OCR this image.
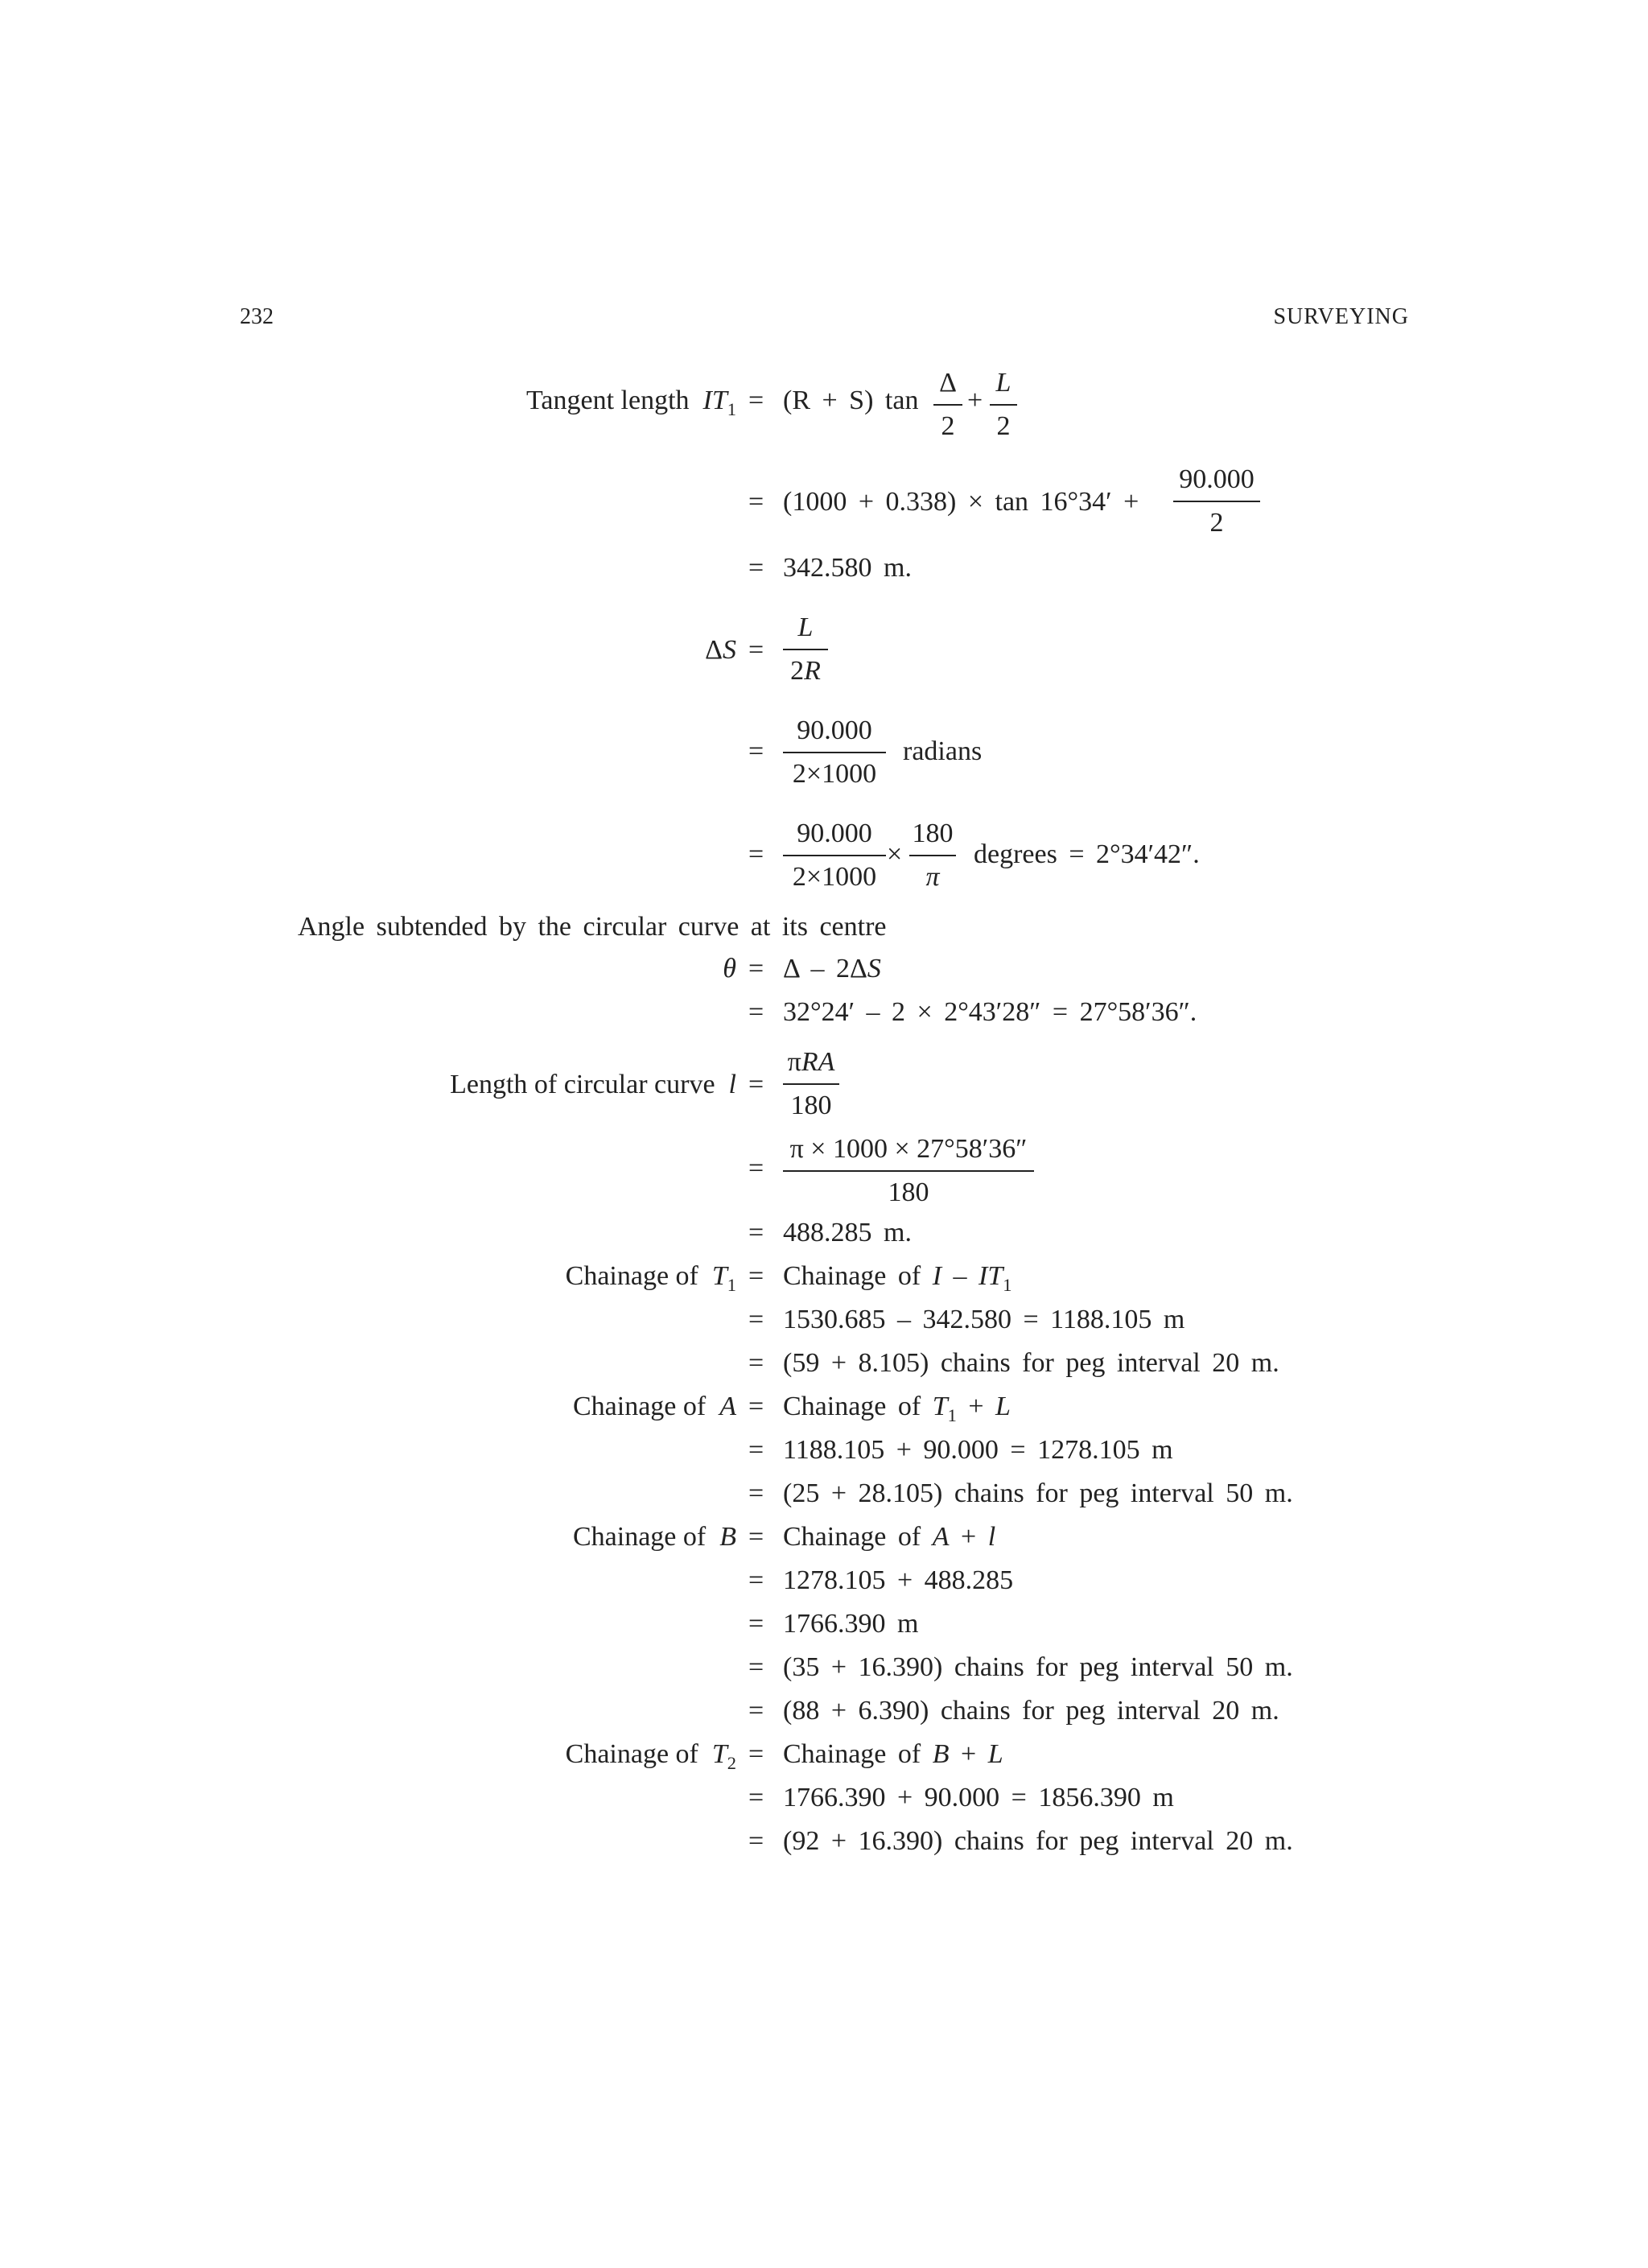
232	SURVEYING
Tangent length $IT_1 = (R + S)$ tan
Δ
2
+
L
2
= (1000 + 0.338) × tan 16°34′ +
90.000
2
= 342.580 m.
ΔS =
L
2R
=
90.000
2×1000
radians
=
90.000
2×1000
×
180
π
degrees = 2°34′42″.
Angle subtended by the circular curve at its centre
θ = Δ – 2ΔS
= 32°24′ – 2 × 2°43′28″ = 27°58′36″.
Length of circular curve l =
πRA
180
=
π × 1000 × 27°58′36″
180
= 488.285 m.
Chainage of $T_1$ = Chainage of I – $IT_1$
= 1530.685 – 342.580 = 1188.105 m
= (59 + 8.105) chains for peg interval 20 m.
Chainage of A = Chainage of $T_1 + L$
= 1188.105 + 90.000 = 1278.105 m
= (25 + 28.105) chains for peg interval 50 m.
Chainage of B = Chainage of A + l
= 1278.105 + 488.285
= 1766.390 m
= (35 + 16.390) chains for peg interval 50 m.
= (88 + 6.390) chains for peg interval 20 m.
Chainage of $T_2$ = Chainage of B + L
= 1766.390 + 90.000 = 1856.390 m
= (92 + 16.390) chains for peg interval 20 m.
